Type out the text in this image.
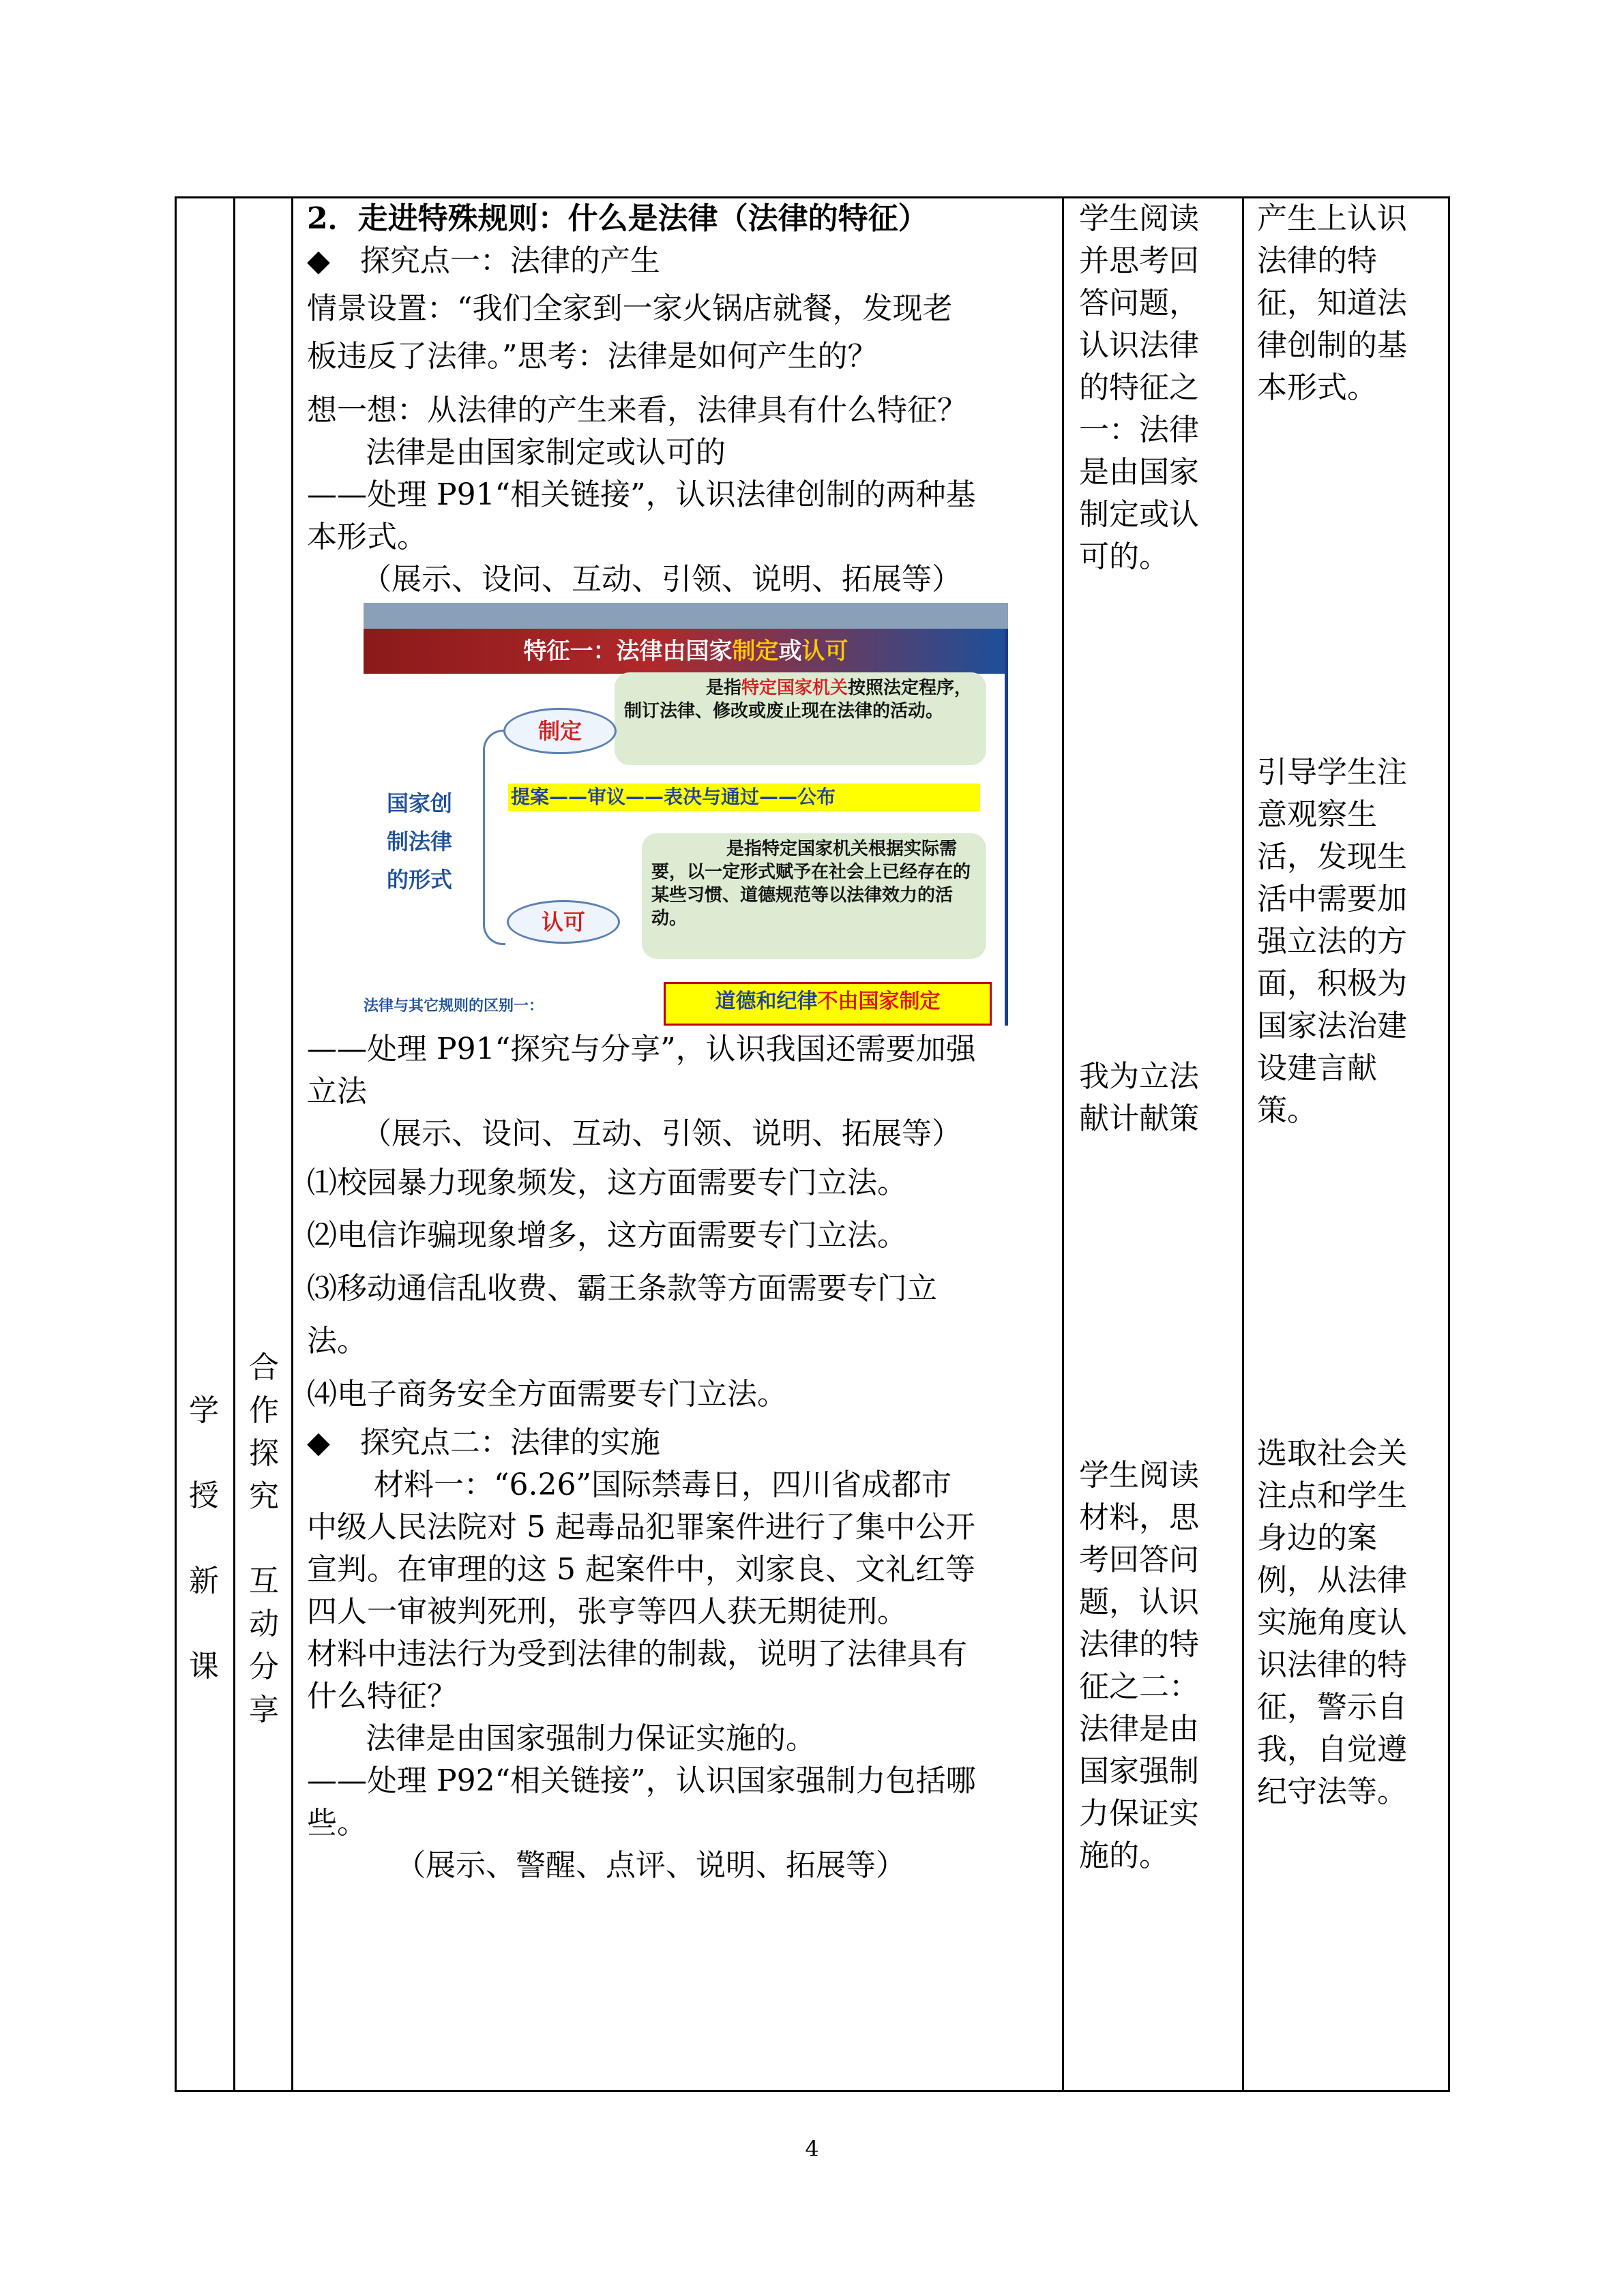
学
授
新
课
合
作
探
究
互
动
分
享
2．走进特殊规则：什么是法律（法律的特征）
◆　探究点一：法律的产生
情景设置：“我们全家到一家火锅店就餐，发现老
板违反了法律。”思考：法律是如何产生的？
想一想：从法律的产生来看，法律具有什么特征？
法律是由国家制定或认可的
——处理 P91“相关链接”，认识法律创制的两种基
本形式。
（展示、设问、互动、引领、说明、拓展等）
特征一：法律由国家制定或认可
是指特定国家机关按照法定程序，制订法律、修改或废止现在法律的活动。
制定
国家创
制法律
的形式
提案——审议——表决与通过——公布
是指特定国家机关根据实际需要，以一定形式赋予在社会上已经存在的某些习惯、道德规范等以法律效力的活动。
认可
法律与其它规则的区别一：	道德和纪律不由国家制定
——处理 P91“探究与分享”，认识我国还需要加强
立法
（展示、设问、互动、引领、说明、拓展等）
⑴校园暴力现象频发，这方面需要专门立法。
⑵电信诈骗现象增多，这方面需要专门立法。
⑶移动通信乱收费、霸王条款等方面需要专门立
法。
⑷电子商务安全方面需要专门立法。
◆　探究点二：法律的实施
材料一：“6.26”国际禁毒日，四川省成都市
中级人民法院对 5 起毒品犯罪案件进行了集中公开
宣判。在审理的这 5 起案件中，刘家良、文礼红等
四人一审被判死刑，张亨等四人获无期徒刑。
材料中违法行为受到法律的制裁，说明了法律具有
什么特征？
法律是由国家强制力保证实施的。
——处理 P92“相关链接”，认识国家强制力包括哪
些。
（展示、警醒、点评、说明、拓展等）
学生阅读
并思考回
答问题，
认识法律
的特征之
一：法律
是由国家
制定或认
可的。
我为立法
献计献策
学生阅读
材料，思
考回答问
题，认识
法律的特
征之二：
法律是由
国家强制
力保证实
施的。
产生上认识
法律的特
征，知道法
律创制的基
本形式。
引导学生注
意观察生
活，发现生
活中需要加
强立法的方
面，积极为
国家法治建
设建言献
策。
选取社会关
注点和学生
身边的案
例，从法律
实施角度认
识法律的特
征，警示自
我，自觉遵
纪守法等。
4
